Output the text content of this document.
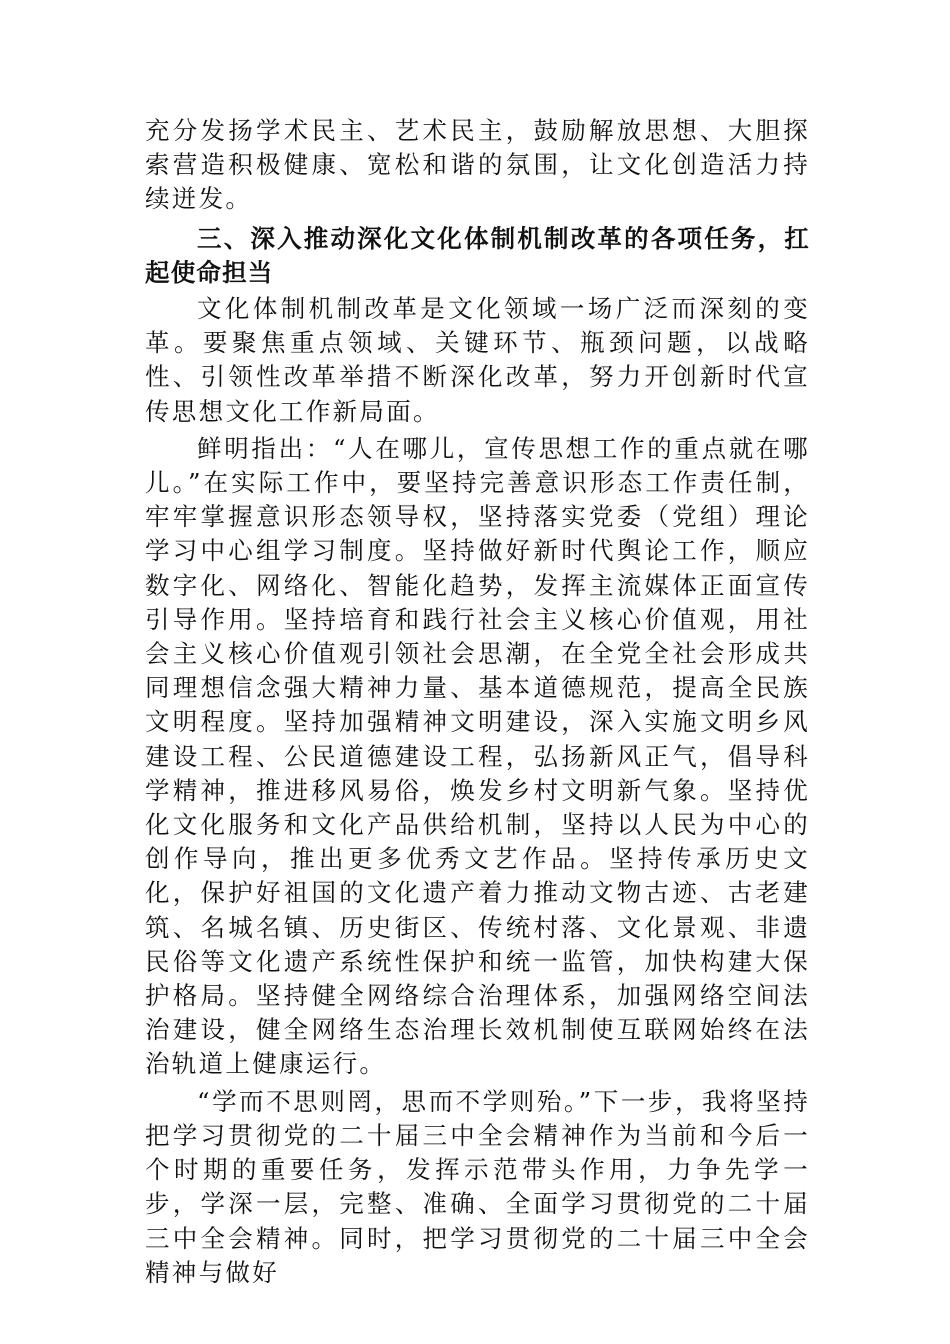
充分发扬学术民主、艺术民主，鼓励解放思想、大胆探索营造积极健康、宽松和谐的氛围，让文化创造活力持续迸发。

三、深入推动深化文化体制机制改革的各项任务，扛起使命担当

文化体制机制改革是文化领域一场广泛而深刻的变革。要聚焦重点领域、关键环节、瓶颈问题，以战略性、引领性改革举措不断深化改革，努力开创新时代宣传思想文化工作新局面。

鲜明指出：“人在哪儿，宣传思想工作的重点就在哪儿。”在实际工作中，要坚持完善意识形态工作责任制，牢牢掌握意识形态领导权，坚持落实党委（党组）理论学习中心组学习制度。坚持做好新时代舆论工作，顺应数字化、网络化、智能化趋势，发挥主流媒体正面宣传引导作用。坚持培育和践行社会主义核心价值观，用社会主义核心价值观引领社会思潮，在全党全社会形成共同理想信念强大精神力量、基本道德规范，提高全民族文明程度。坚持加强精神文明建设，深入实施文明乡风建设工程、公民道德建设工程，弘扬新风正气，倡导科学精神，推进移风易俗，焕发乡村文明新气象。坚持优化文化服务和文化产品供给机制，坚持以人民为中心的创作导向，推出更多优秀文艺作品。坚持传承历史文化，保护好祖国的文化遗产着力推动文物古迹、古老建筑、名城名镇、历史街区、传统村落、文化景观、非遗民俗等文化遗产系统性保护和统一监管，加快构建大保护格局。坚持健全网络综合治理体系，加强网络空间法治建设，健全网络生态治理长效机制使互联网始终在法治轨道上健康运行。

“学而不思则罔，思而不学则殆。”下一步，我将坚持把学习贯彻党的二十届三中全会精神作为当前和今后一个时期的重要任务，发挥示范带头作用，力争先学一步，学深一层，完整、准确、全面学习贯彻党的二十届三中全会精神。同时，把学习贯彻党的二十届三中全会精神与做好
